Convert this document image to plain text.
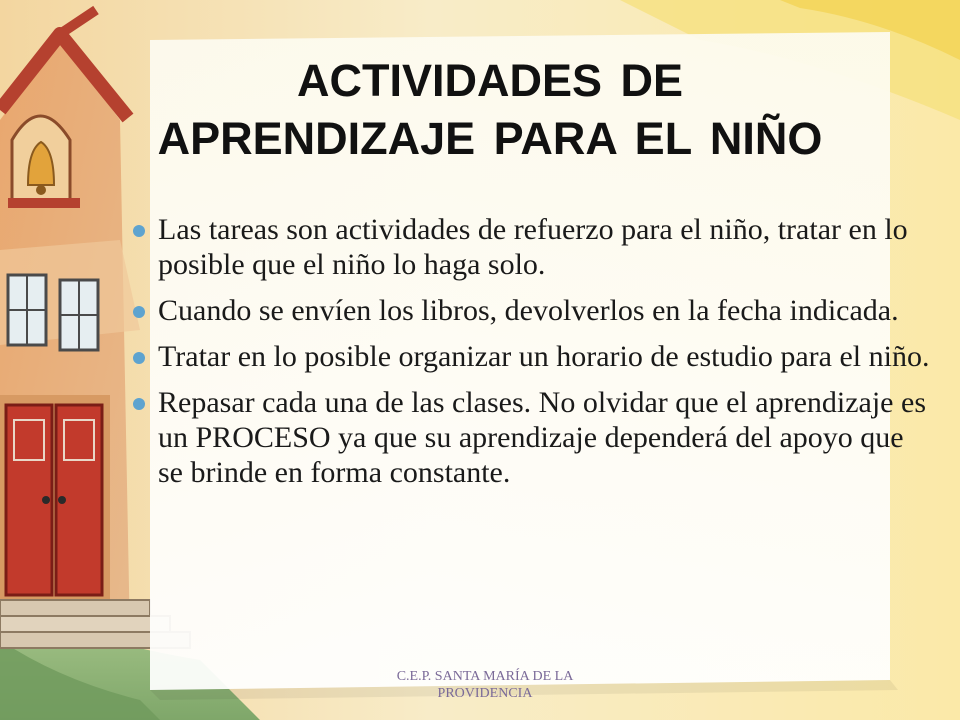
ACTIVIDADES DE
APRENDIZAJE PARA EL NIÑO
Las tareas son actividades de refuerzo para el niño, tratar en lo posible que el niño lo haga solo.
Cuando se envíen los libros, devolverlos en la fecha indicada.
Tratar en lo posible organizar un horario de estudio para el niño.
Repasar cada una de las clases. No olvidar que el aprendizaje es un PROCESO ya que su aprendizaje dependerá del apoyo que se brinde en forma constante.
C.E.P. SANTA MARÍA DE LA PROVIDENCIA
